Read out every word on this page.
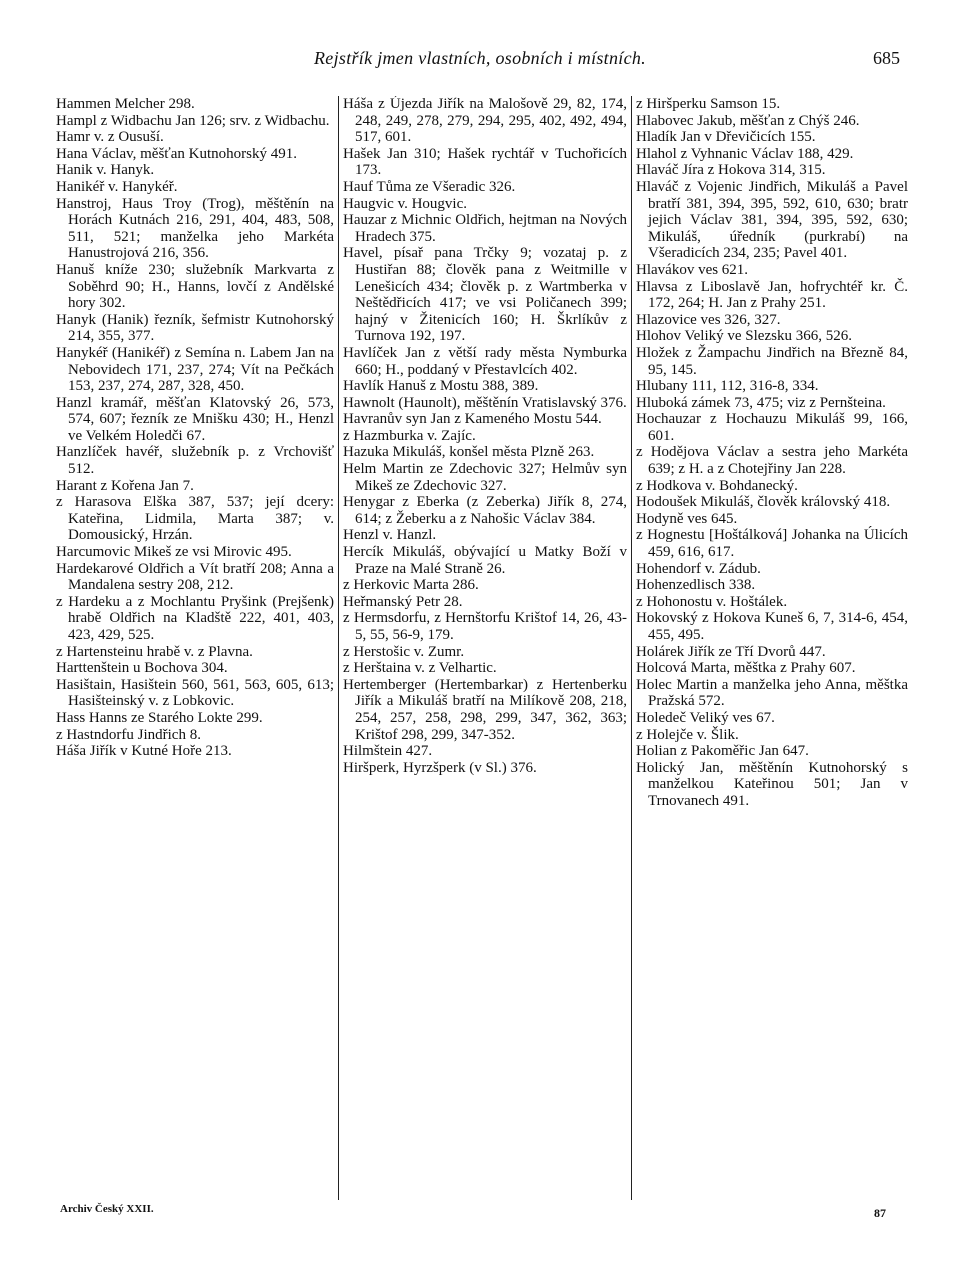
Rejstřík jmen vlastních, osobních i místních.	685

Hammen Melcher 298.

Hampl z Widbachu Jan 126; srv. z Widbachu.

Hamr v. z Ousuší.

Hana Václav, měšťan Kutnohorský 491.

Hanik v. Hanyk.

Hanikéř v. Hanykéř.

Hanstroj, Haus Troy (Trog), měštěnín na Horách Kutnách 216, 291, 404, 483, 508, 511, 521; manželka jeho Markéta Hanustrojová 216, 356.

Hanuš kníže 230; služebník Markvarta z Soběhrd 90; H., Hanns, lovčí z Andělské hory 302.

Hanyk (Hanik) řezník, šefmistr Kutnohorský 214, 355, 377.

Hanykéř (Hanikéř) z Semína n. Labem Jan na Nebovidech 171, 237, 274; Vít na Pečkách 153, 237, 274, 287, 328, 450.

Hanzl kramář, měšťan Klatovský 26, 573, 574, 607; řezník ze Mnišku 430; H., Henzl ve Velkém Holedči 67.

Hanzlíček havéř, služebník p. z Vrchovišť 512.

Harant z Kořena Jan 7.

z Harasova Elška 387, 537; její dcery: Kateřina, Lidmila, Marta 387; v. Domousický, Hrzán.

Harcumovic Mikeš ze vsi Mirovic 495.

Hardekarové Oldřich a Vít bratří 208; Anna a Mandalena sestry 208, 212.

z Hardeku a z Mochlantu Pryšink (Prejšenk) hrabě Oldřich na Kladště 222, 401, 403, 423, 429, 525.

z Hartensteinu hrabě v. z Plavna.

Harttenštein u Bochova 304.

Hasištain, Hasištein 560, 561, 563, 605, 613; Hasišteinský v. z Lobkovic.

Hass Hanns ze Starého Lokte 299.

z Hastndorfu Jindřich 8.

Háša Jiřík v Kutné Hoře 213.

Háša z Újezda Jiřík na Malošově 29, 82, 174, 248, 249, 278, 279, 294, 295, 402, 492, 494, 517, 601.

Hašek Jan 310; Hašek rychtář v Tuchořicích 173.

Hauf Tůma ze Všeradic 326.

Haugvic v. Hougvic.

Hauzar z Michnic Oldřich, hejtman na Nových Hradech 375.

Havel, písař pana Trčky 9; vozataj p. z Hustiřan 88; člověk pana z Weitmille v Lenešicích 434; člověk p. z Wartmberka v Neštědřicích 417; ve vsi Poličanech 399; hajný v Žitenicích 160; H. Škrlíkův z Turnova 192, 197.

Havlíček Jan z větší rady města Nymburka 660; H., poddaný v Přestavlcích 402.

Havlík Hanuš z Mostu 388, 389.

Hawnolt (Haunolt), měštěnín Vratislavský 376.

Havranův syn Jan z Kameného Mostu 544.

z Hazmburka v. Zajíc.

Hazuka Mikuláš, konšel města Plzně 263.

Helm Martin ze Zdechovic 327; Helmův syn Mikeš ze Zdechovic 327.

Henygar z Eberka (z Zeberka) Jiřík 8, 274, 614; z Žeberku a z Nahošic Václav 384.

Henzl v. Hanzl.

Hercík Mikuláš, obývající u Matky Boží v Praze na Malé Straně 26.

z Herkovic Marta 286.

Heřmanský Petr 28.

z Hermsdorfu, z Hernštorfu Krištof 14, 26, 43-5, 55, 56-9, 179.

z Herstošic v. Zumr.

z Herštaina v. z Velhartic.

Hertemberger (Hertembarkar) z Hertenberku Jiřík a Mikuláš bratří na Milíkově 208, 218, 254, 257, 258, 298, 299, 347, 362, 363; Krištof 298, 299, 347-352.

Hilmštein 427.

Hiršperk, Hyrzšperk (v Sl.) 376.

z Hiršperku Samson 15.

Hlabovec Jakub, měšťan z Chýš 246.

Hladík Jan v Dřevičicích 155.

Hlahol z Vyhnanic Václav 188, 429.

Hlaváč Jíra z Hokova 314, 315.

Hlaváč z Vojenic Jindřich, Mikuláš a Pavel bratří 381, 394, 395, 592, 610, 630; bratr jejich Václav 381, 394, 395, 592, 630; Mikuláš, úředník (purkrabí) na Všeradicích 234, 235; Pavel 401.

Hlavákov ves 621.

Hlavsa z Liboslavě Jan, hofrychtéř kr. Č. 172, 264; H. Jan z Prahy 251.

Hlazovice ves 326, 327.

Hlohov Veliký ve Slezsku 366, 526.

Hložek z Žampachu Jindřich na Březně 84, 95, 145.

Hlubany 111, 112, 316-8, 334.

Hluboká zámek 73, 475; viz z Pernšteina.

Hochauzar z Hochauzu Mikuláš 99, 166, 601.

z Hodějova Václav a sestra jeho Markéta 639; z H. a z Chotejřiny Jan 228.

z Hodkova v. Bohdanecký.

Hodoušek Mikuláš, člověk královský 418.

Hodyně ves 645.

z Hognestu [Hoštálková] Johanka na Úlicích 459, 616, 617.

Hohendorf v. Zádub.

Hohenzedlisch 338.

z Hohonostu v. Hoštálek.

Hokovský z Hokova Kuneš 6, 7, 314-6, 454, 455, 495.

Holárek Jiřík ze Tří Dvorů 447.

Holcová Marta, měštka z Prahy 607.

Holec Martin a manželka jeho Anna, měštka Pražská 572.

Holedeč Veliký ves 67.

z Holejče v. Šlik.

Holian z Pakoměřic Jan 647.

Holický Jan, měštěnín Kutnohorský s manželkou Kateřinou 501; Jan v Trnovanech 491.

Archiv Český XXII.	87
